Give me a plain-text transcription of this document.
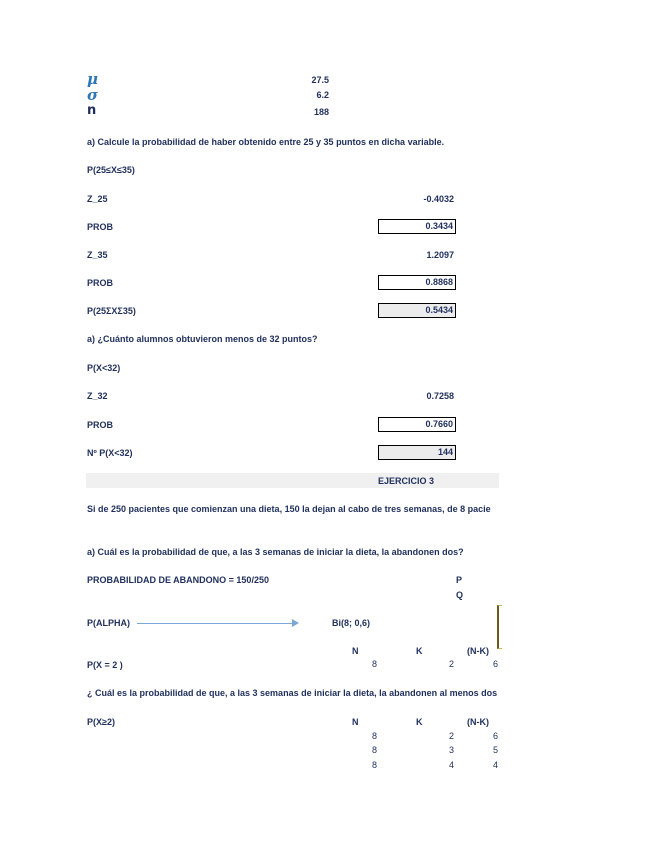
μ	27.5
σ	6.2
n	188
a) Calcule la probabilidad de haber obtenido entre 25 y 35 puntos en dicha variable.
P(25≤X≤35)
Z_25	-0.4032
PROB	0.3434
Z_35	1.2097
PROB	0.8868
P(25ΣXΣ35)	0.5434
a) ¿Cuánto alumnos obtuvieron menos de 32 puntos?
P(X<32)
Z_32	0.7258
PROB	0.7660
Nº P(X<32)	144
EJERCICIO 3
Si de 250 pacientes que comienzan una dieta, 150 la dejan al cabo de tres semanas, de 8 pacie
a) Cuál es la probabilidad de que, a las 3 semanas de iniciar la dieta, la abandonen dos?
PROBABILIDAD DE ABANDONO = 150/250	P
Q
P(ALPHA)	Bi(8; 0,6)
N	K	(N-K)
P(X = 2 )	8	2	6
¿ Cuál es la probabilidad de que, a las 3 semanas de iniciar la dieta, la abandonen al menos dos
P(X≥2)	N	K	(N-K)
8	2	6
8	3	5
8	4	4
